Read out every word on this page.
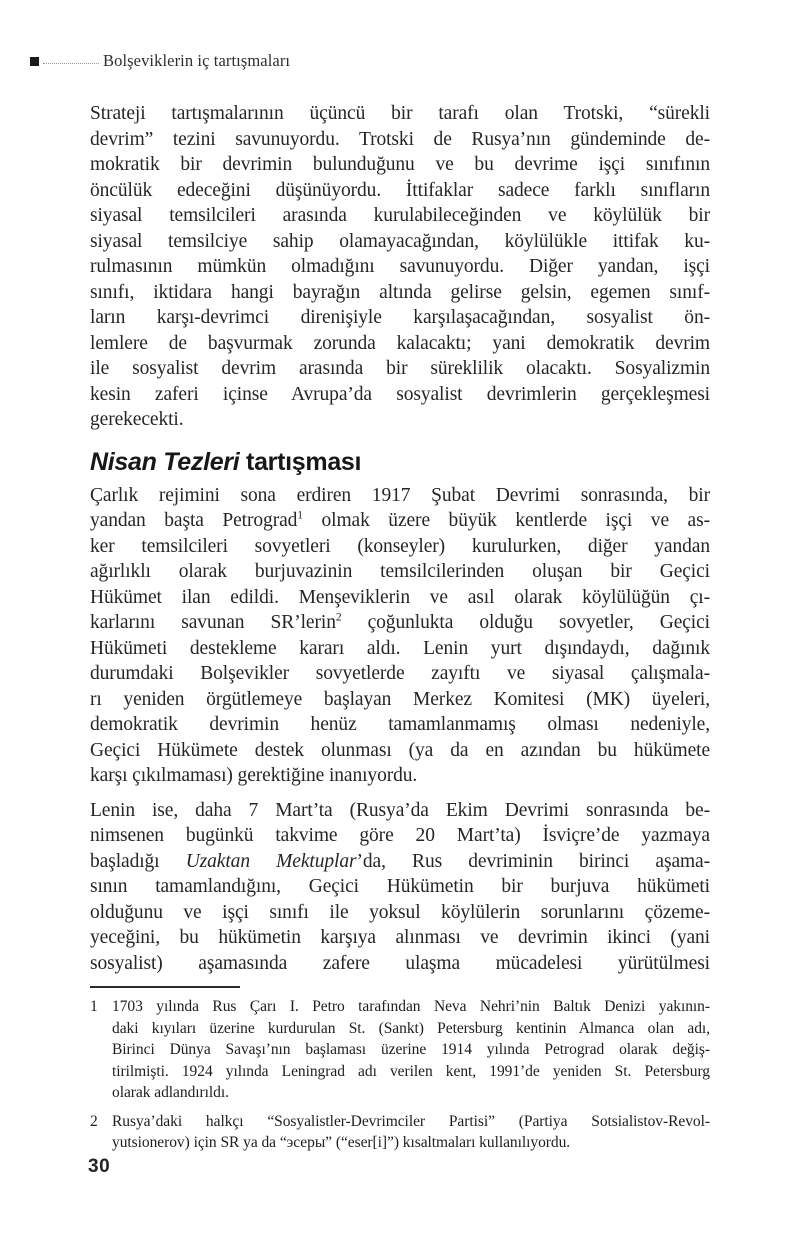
Bolşeviklerin iç tartışmaları
Strateji tartışmalarının üçüncü bir tarafı olan Trotski, “sürekli
devrim” tezini savunuyordu. Trotski de Rusya’nın gündeminde de-
mokratik bir devrimin bulunduğunu ve bu devrime işçi sınıfının
öncülük edeceğini düşünüyordu. İttifaklar sadece farklı sınıfların
siyasal temsilcileri arasında kurulabileceğinden ve köylülük bir
siyasal temsilciye sahip olamayacağından, köylülükle ittifak ku-
rulmasının mümkün olmadığını savunuyordu. Diğer yandan, işçi
sınıfı, iktidara hangi bayrağın altında gelirse gelsin, egemen sınıf-
ların karşı-devrimci direnişiyle karşılaşacağından, sosyalist ön-
lemlere de başvurmak zorunda kalacaktı; yani demokratik devrim
ile sosyalist devrim arasında bir süreklilik olacaktı. Sosyalizmin
kesin zaferi içinse Avrupa’da sosyalist devrimlerin gerçekleşmesi
gerekecekti.
Nisan Tezleri tartışması
Çarlık rejimini sona erdiren 1917 Şubat Devrimi sonrasında, bir
yandan başta Petrograd$^1$ olmak üzere büyük kentlerde işçi ve as-
ker temsilcileri sovyetleri (konseyler) kurulurken, diğer yandan
ağırlıklı olarak burjuvazinin temsilcilerinden oluşan bir Geçici
Hükümet ilan edildi. Menşeviklerin ve asıl olarak köylülüğün çı-
karlarını savunan SR’lerin$^2$ çoğunlukta olduğu sovyetler, Geçici
Hükümeti destekleme kararı aldı. Lenin yurt dışındaydı, dağınık
durumdaki Bolşevikler sovyetlerde zayıftı ve siyasal çalışmala-
rı yeniden örgütlemeye başlayan Merkez Komitesi (MK) üyeleri,
demokratik devrimin henüz tamamlanmamış olması nedeniyle,
Geçici Hükümete destek olunması (ya da en azından bu hükümete
karşı çıkılmaması) gerektiğine inanıyordu.
Lenin ise, daha 7 Mart’ta (Rusya’da Ekim Devrimi sonrasında be-
nimsenen bugünkü takvime göre 20 Mart’ta) İsviçre’de yazmaya
başladığı Uzaktan Mektuplar’da, Rus devriminin birinci aşama-
sının tamamlandığını, Geçici Hükümetin bir burjuva hükümeti
olduğunu ve işçi sınıfı ile yoksul köylülerin sorunlarını çözeme-
yeceğini, bu hükümetin karşıya alınması ve devrimin ikinci (yani
sosyalist) aşamasında zafere ulaşma mücadelesi yürütülmesi
1 1703 yılında Rus Çarı I. Petro tarafından Neva Nehri’nin Baltık Denizi yakının-
daki kıyıları üzerine kurdurulan St. (Sankt) Petersburg kentinin Almanca olan adı,
Birinci Dünya Savaşı’nın başlaması üzerine 1914 yılında Petrograd olarak değiş-
tirilmişti. 1924 yılında Leningrad adı verilen kent, 1991’de yeniden St. Petersburg
olarak adlandırıldı.
2 Rusya’daki halkçı “Sosyalistler-Devrimciler Partisi” (Partiya Sotsialistov-Revol-
yutsionerov) için SR ya da “эсеры” (“eser[i]”) kısaltmaları kullanılıyordu.
30
